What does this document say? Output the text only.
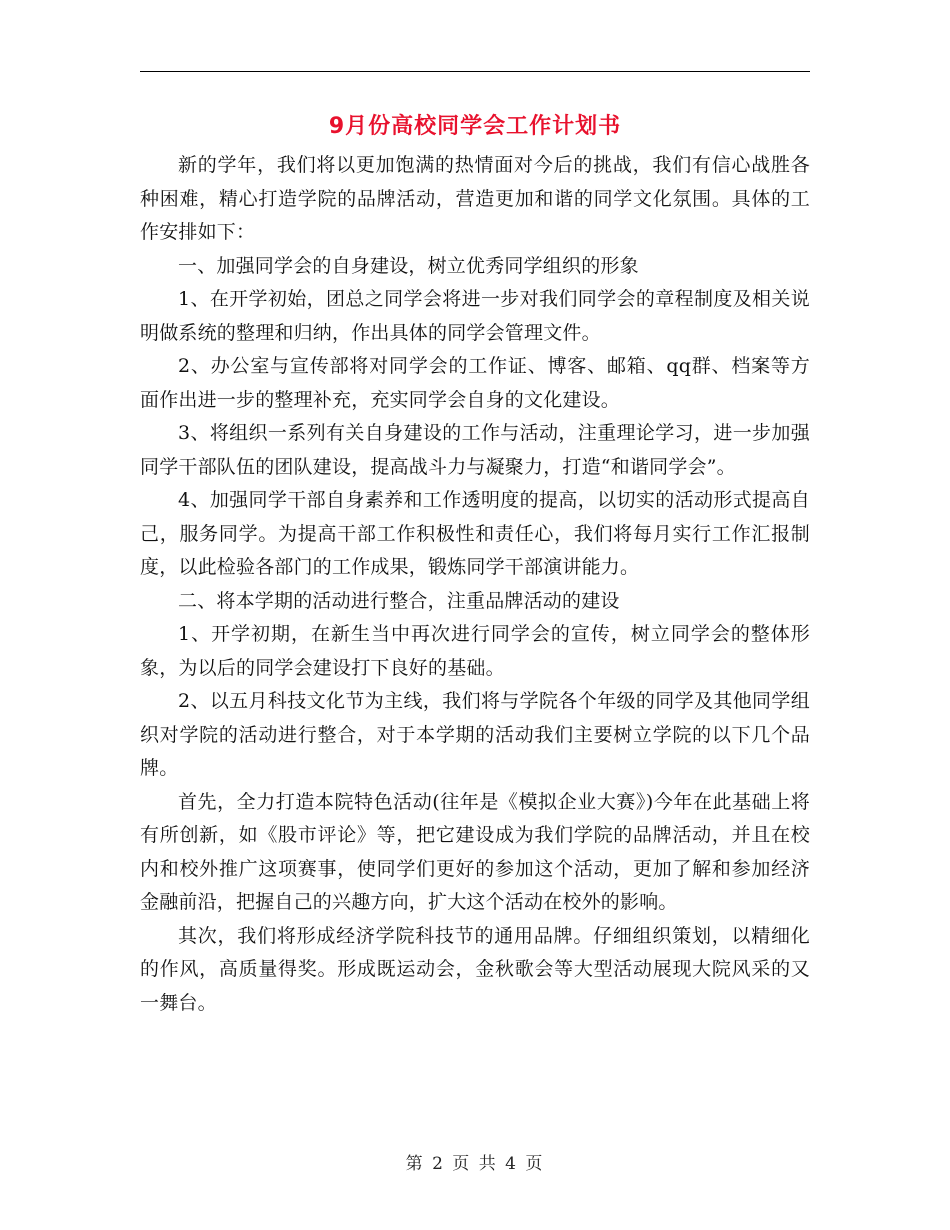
9月份高校同学会工作计划书

新的学年，我们将以更加饱满的热情面对今后的挑战，我们有信心战胜各种困难，精心打造学院的品牌活动，营造更加和谐的同学文化氛围。具体的工作安排如下：

一、加强同学会的自身建设，树立优秀同学组织的形象

1、在开学初始，团总之同学会将进一步对我们同学会的章程制度及相关说明做系统的整理和归纳，作出具体的同学会管理文件。

2、办公室与宣传部将对同学会的工作证、博客、邮箱、qq群、档案等方面作出进一步的整理补充，充实同学会自身的文化建设。

3、将组织一系列有关自身建设的工作与活动，注重理论学习，进一步加强同学干部队伍的团队建设，提高战斗力与凝聚力，打造“和谐同学会”。

4、加强同学干部自身素养和工作透明度的提高，以切实的活动形式提高自己，服务同学。为提高干部工作积极性和责任心，我们将每月实行工作汇报制度，以此检验各部门的工作成果，锻炼同学干部演讲能力。

二、将本学期的活动进行整合，注重品牌活动的建设

1、开学初期，在新生当中再次进行同学会的宣传，树立同学会的整体形象，为以后的同学会建设打下良好的基础。

2、以五月科技文化节为主线，我们将与学院各个年级的同学及其他同学组织对学院的活动进行整合，对于本学期的活动我们主要树立学院的以下几个品牌。

首先，全力打造本院特色活动(往年是《模拟企业大赛》)今年在此基础上将有所创新，如《股市评论》等，把它建设成为我们学院的品牌活动，并且在校内和校外推广这项赛事，使同学们更好的参加这个活动，更加了解和参加经济金融前沿，把握自己的兴趣方向，扩大这个活动在校外的影响。

其次，我们将形成经济学院科技节的通用品牌。仔细组织策划，以精细化的作风，高质量得奖。形成既运动会，金秋歌会等大型活动展现大院风采的又一舞台。

第 2 页 共 4 页
